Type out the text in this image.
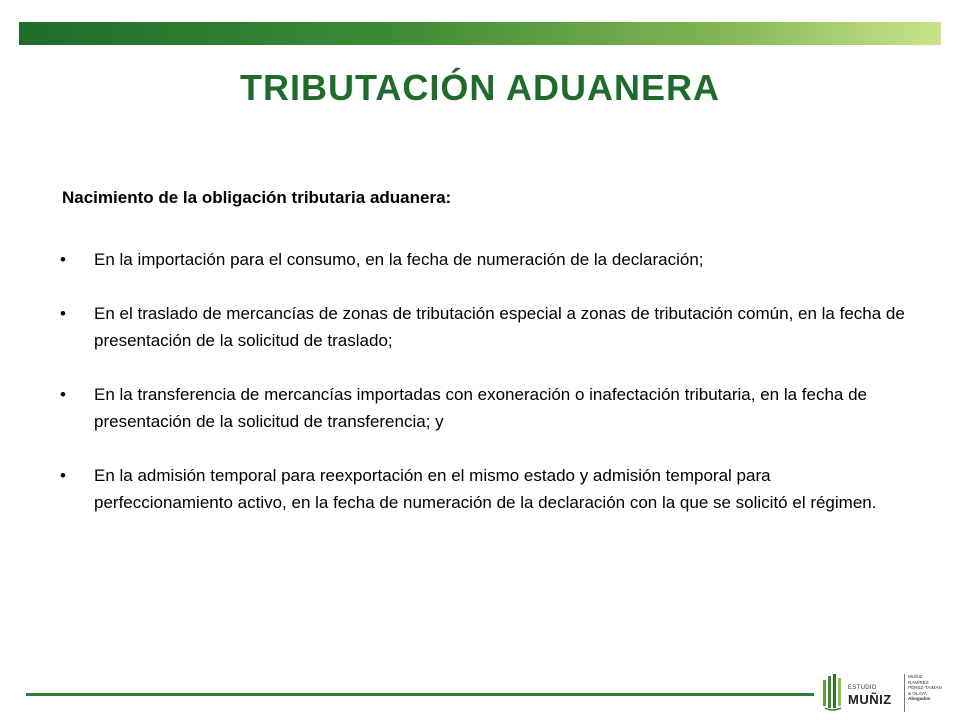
TRIBUTACIÓN ADUANERA
Nacimiento de la obligación tributaria aduanera:
• En la importación para el consumo, en la fecha de numeración de la declaración;
• En el traslado de mercancías de zonas de tributación especial a zonas de tributación común, en la fecha de presentación de la solicitud de traslado;
• En la transferencia de mercancías importadas con exoneración o inafectación tributaria, en la fecha de presentación de la solicitud de transferencia; y
• En la admisión temporal para reexportación en el mismo estado y admisión temporal para perfeccionamiento activo, en la fecha de numeración de la declaración con la que se solicitó el régimen.
ESTUDIO
MUÑIZ
MUÑIZ
RAMÍREZ
PÉREZ-TAIMAN
& OLAYA
Abogados
